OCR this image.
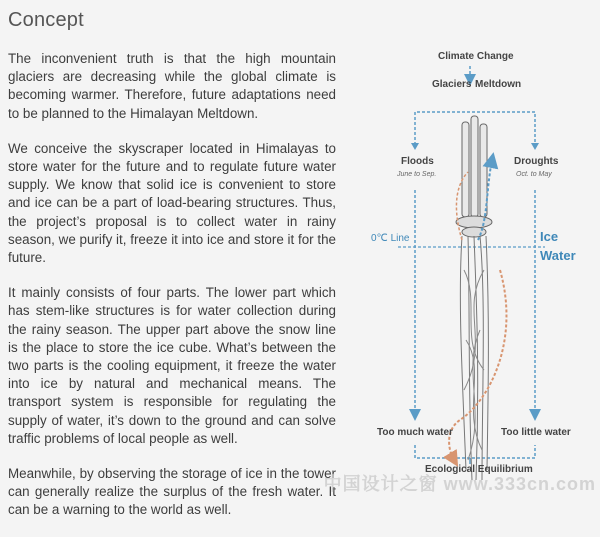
Concept

The inconvenient truth is that the high mountain glaciers are decreasing while the global climate is becoming warmer. Therefore, future adaptations need to be planned to the Himalayan Meltdown.

We conceive the skyscraper located in Himalayas to store water for the future and to regulate future water supply. We know that solid ice is convenient to store and ice can be a part of load-bearing structures. Thus, the project’s proposal is to collect water in rainy season, we purify it, freeze it into ice and store it for the future.

It mainly consists of four parts. The lower part which has stem-like structures is for water collection during the rainy season. The upper part above the snow line is the place to store the ice cube. What’s between the two parts is the cooling equipment, it freeze the water into ice by natural and mechanical means. The transport system is responsible for regulating the supply of water, it’s down to the ground and can solve traffic problems of local people as well.

Meanwhile, by observing the storage of ice in the tower can generally realize the surplus of the fresh water. It can be a warning to the world as well.

Climate Change
Glaciers Meltdown
Floods
June to Sep.
Droughts
Oct. to May
0℃ Line	Ice
Water
Too much water	Too little water
Ecological Equilibrium
中国设计之窗 www.333cn.com
